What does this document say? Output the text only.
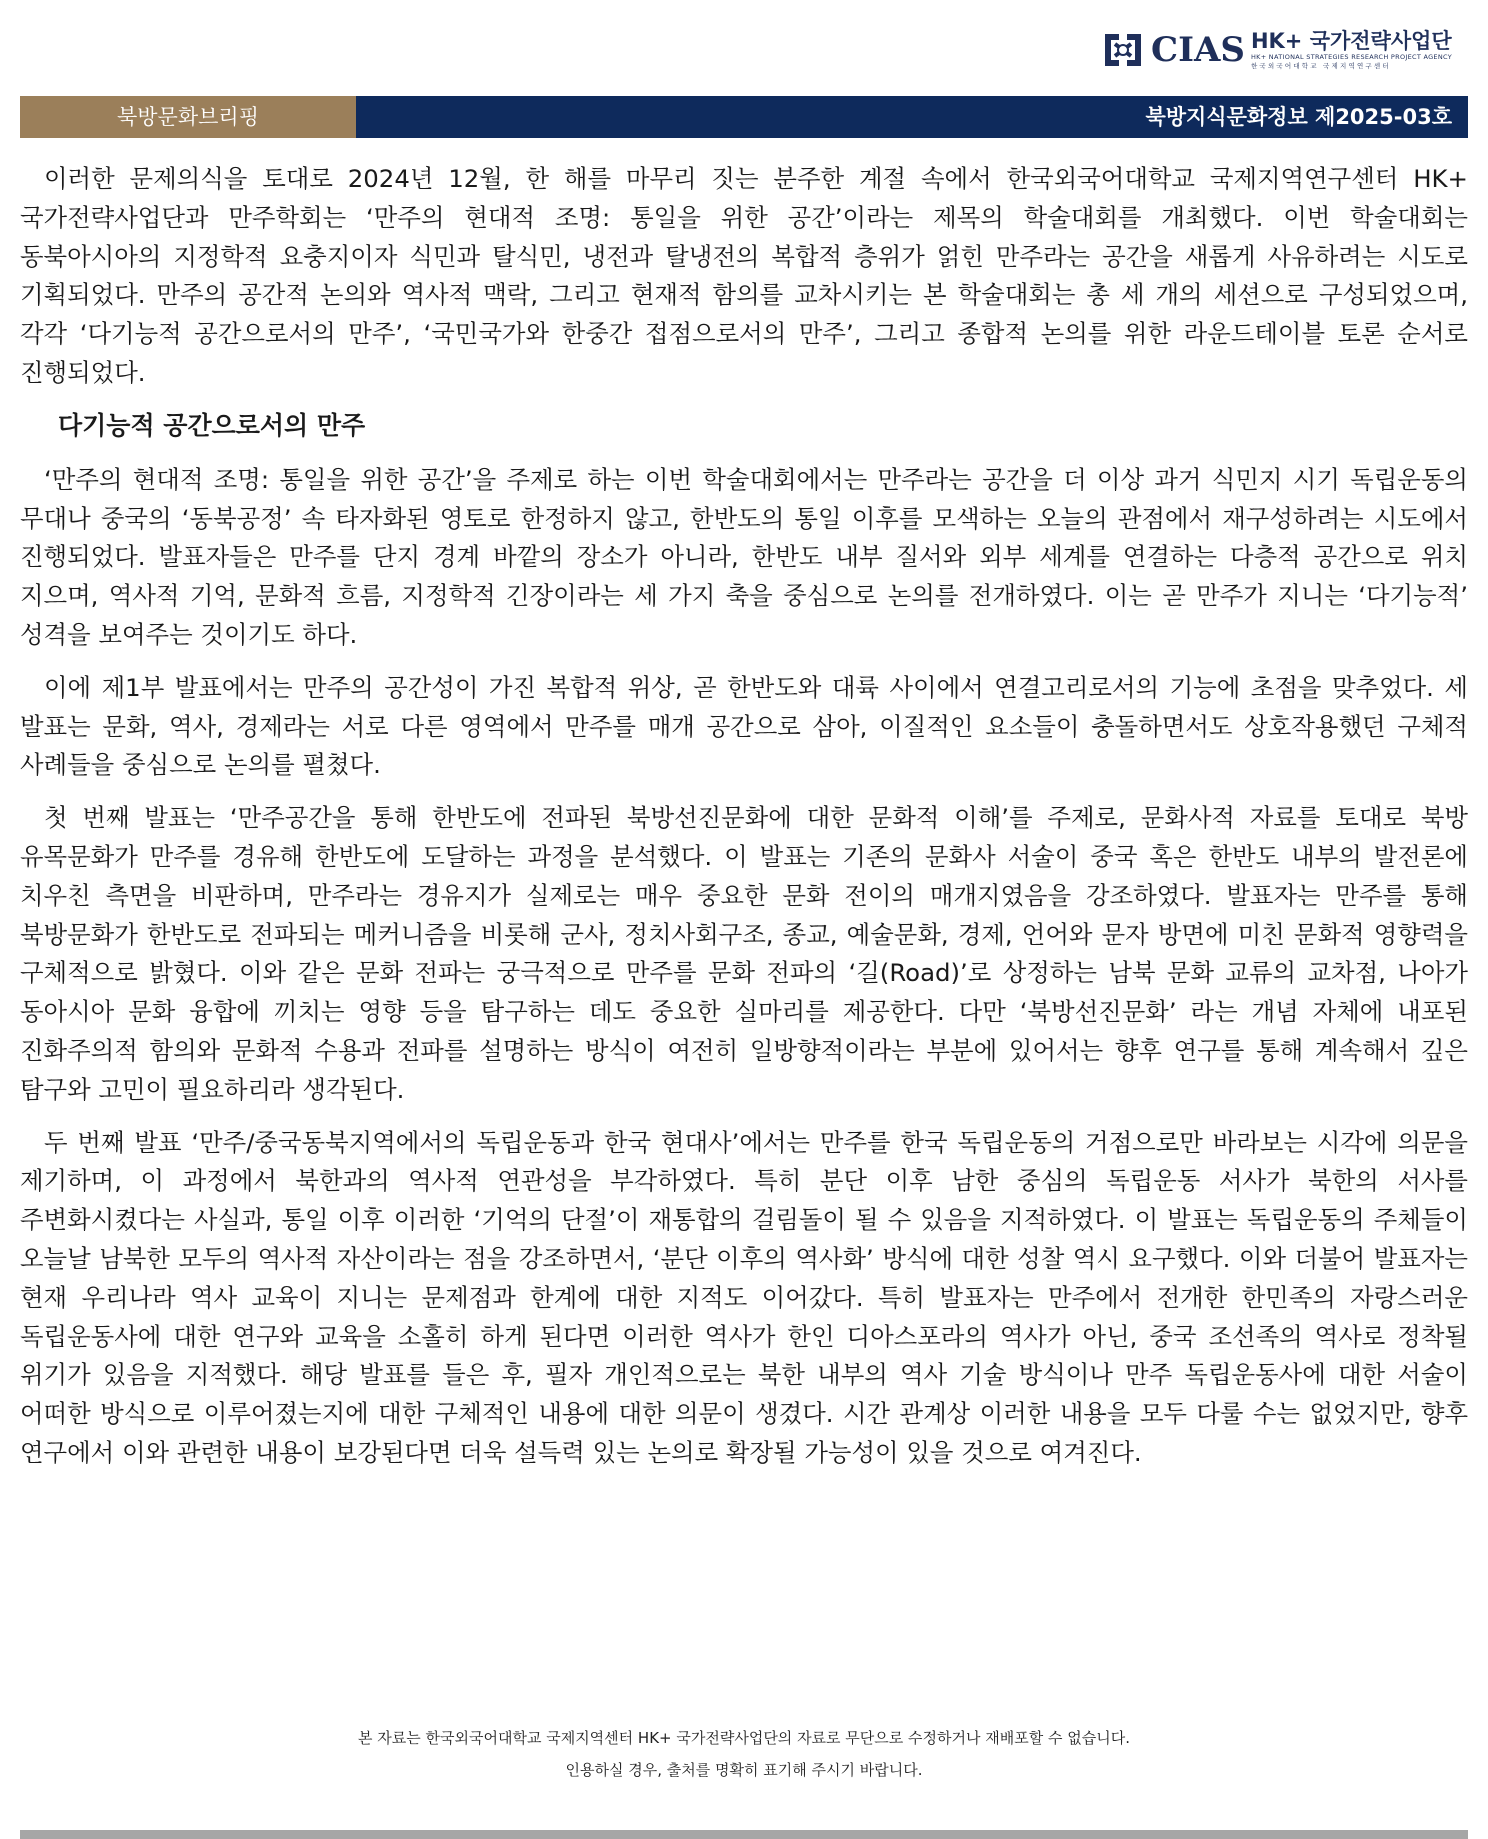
CIAS HK+ 국가전략사업단
HK+ NATIONAL STRATEGIES RESEARCH PROJECT AGENCY
한국외국어대학교 국제지역연구센터
북방문화브리핑	북방지식문화정보 제2025-03호

이러한 문제의식을 토대로 2024년 12월, 한 해를 마무리 짓는 분주한 계절 속에서 한국외국어대학교 국제지역연구센터 HK+ 국가전략사업단과 만주학회는 ‘만주의 현대적 조명: 통일을 위한 공간’이라는 제목의 학술대회를 개최했다. 이번 학술대회는 동북아시아의 지정학적 요충지이자 식민과 탈식민, 냉전과 탈냉전의 복합적 층위가 얽힌 만주라는 공간을 새롭게 사유하려는 시도로 기획되었다. 만주의 공간적 논의와 역사적 맥락, 그리고 현재적 함의를 교차시키는 본 학술대회는 총 세 개의 세션으로 구성되었으며, 각각 ‘다기능적 공간으로서의 만주’, ‘국민국가와 한중간 접점으로서의 만주’, 그리고 종합적 논의를 위한 라운드테이블 토론 순서로 진행되었다.

다기능적 공간으로서의 만주

‘만주의 현대적 조명: 통일을 위한 공간’을 주제로 하는 이번 학술대회에서는 만주라는 공간을 더 이상 과거 식민지 시기 독립운동의 무대나 중국의 ‘동북공정’ 속 타자화된 영토로 한정하지 않고, 한반도의 통일 이후를 모색하는 오늘의 관점에서 재구성하려는 시도에서 진행되었다. 발표자들은 만주를 단지 경계 바깥의 장소가 아니라, 한반도 내부 질서와 외부 세계를 연결하는 다층적 공간으로 위치 지으며, 역사적 기억, 문화적 흐름, 지정학적 긴장이라는 세 가지 축을 중심으로 논의를 전개하였다. 이는 곧 만주가 지니는 ‘다기능적’ 성격을 보여주는 것이기도 하다.

이에 제1부 발표에서는 만주의 공간성이 가진 복합적 위상, 곧 한반도와 대륙 사이에서 연결고리로서의 기능에 초점을 맞추었다. 세 발표는 문화, 역사, 경제라는 서로 다른 영역에서 만주를 매개 공간으로 삼아, 이질적인 요소들이 충돌하면서도 상호작용했던 구체적 사례들을 중심으로 논의를 펼쳤다.

첫 번째 발표는 ‘만주공간을 통해 한반도에 전파된 북방선진문화에 대한 문화적 이해’를 주제로, 문화사적 자료를 토대로 북방 유목문화가 만주를 경유해 한반도에 도달하는 과정을 분석했다. 이 발표는 기존의 문화사 서술이 중국 혹은 한반도 내부의 발전론에 치우친 측면을 비판하며, 만주라는 경유지가 실제로는 매우 중요한 문화 전이의 매개지였음을 강조하였다. 발표자는 만주를 통해 북방문화가 한반도로 전파되는 메커니즘을 비롯해 군사, 정치사회구조, 종교, 예술문화, 경제, 언어와 문자 방면에 미친 문화적 영향력을 구체적으로 밝혔다. 이와 같은 문화 전파는 궁극적으로 만주를 문화 전파의 ‘길(Road)’로 상정하는 남북 문화 교류의 교차점, 나아가 동아시아 문화 융합에 끼치는 영향 등을 탐구하는 데도 중요한 실마리를 제공한다. 다만 ‘북방선진문화’ 라는 개념 자체에 내포된 진화주의적 함의와 문화적 수용과 전파를 설명하는 방식이 여전히 일방향적이라는 부분에 있어서는 향후 연구를 통해 계속해서 깊은 탐구와 고민이 필요하리라 생각된다.

두 번째 발표 ‘만주/중국동북지역에서의 독립운동과 한국 현대사’에서는 만주를 한국 독립운동의 거점으로만 바라보는 시각에 의문을 제기하며, 이 과정에서 북한과의 역사적 연관성을 부각하였다. 특히 분단 이후 남한 중심의 독립운동 서사가 북한의 서사를 주변화시켰다는 사실과, 통일 이후 이러한 ‘기억의 단절’이 재통합의 걸림돌이 될 수 있음을 지적하였다. 이 발표는 독립운동의 주체들이 오늘날 남북한 모두의 역사적 자산이라는 점을 강조하면서, ‘분단 이후의 역사화’ 방식에 대한 성찰 역시 요구했다. 이와 더불어 발표자는 현재 우리나라 역사 교육이 지니는 문제점과 한계에 대한 지적도 이어갔다. 특히 발표자는 만주에서 전개한 한민족의 자랑스러운 독립운동사에 대한 연구와 교육을 소홀히 하게 된다면 이러한 역사가 한인 디아스포라의 역사가 아닌, 중국 조선족의 역사로 정착될 위기가 있음을 지적했다. 해당 발표를 들은 후, 필자 개인적으로는 북한 내부의 역사 기술 방식이나 만주 독립운동사에 대한 서술이 어떠한 방식으로 이루어졌는지에 대한 구체적인 내용에 대한 의문이 생겼다. 시간 관계상 이러한 내용을 모두 다룰 수는 없었지만, 향후 연구에서 이와 관련한 내용이 보강된다면 더욱 설득력 있는 논의로 확장될 가능성이 있을 것으로 여겨진다.

본 자료는 한국외국어대학교 국제지역센터 HK+ 국가전략사업단의 자료로 무단으로 수정하거나 재배포할 수 없습니다.
인용하실 경우, 출처를 명확히 표기해 주시기 바랍니다.
